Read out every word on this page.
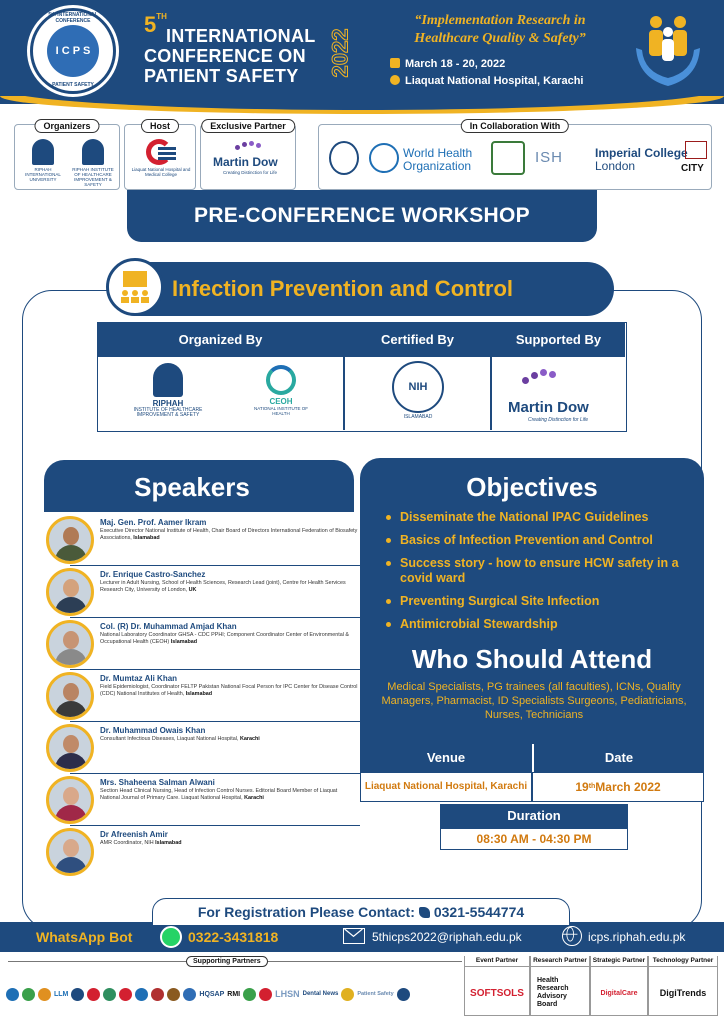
5th INTERNATIONAL CONFERENCE
I C P S
PATIENT SAFETY
5TH
INTERNATIONAL
CONFERENCE ON
PATIENT SAFETY 2022
“Implementation Research in Healthcare Quality & Safety”
March 18 - 20, 2022
Liaquat National Hospital, Karachi
Organizers
RIPHAH INTERNATIONAL UNIVERSITY
RIPHAH INSTITUTE OF HEALTHCARE IMPROVEMENT & SAFETY
Host
Liaquat National Hospital and Medical College
Exclusive Partner
Martin Dow
Creating Distinction for Life
In Collaboration With
World Health
Organization	ISH	Imperial College
London	CITY
PRE-CONFERENCE WORKSHOP
Infection Prevention and Control
Organized By	Certified By	Supported By
RIPHAH
INSTITUTE OF HEALTHCARE IMPROVEMENT & SAFETY
CEOH
NATIONAL INSTITUTE OF HEALTH
NIH
ISLAMABAD
Martin Dow
Creating Distinction for Life
Speakers
Maj. Gen. Prof. Aamer Ikram
Executive Director National Institute of Health, Chair Board of Directors International Federation of Biosafety Associations, Islamabad
Dr. Enrique Castro-Sanchez
Lecturer in Adult Nursing, School of Health Sciences, Research Lead (joint), Centre for Health Services Research City, University of London, UK
Col. (R) Dr. Muhammad Amjad Khan
National Laboratory Coordinator GHSA - CDC PPHI; Component Coordinator Center of Environmental & Occupational Health (CEOH) Islamabad
Dr. Mumtaz Ali Khan
Field Epidemiologist, Coordinator FELTP Pakistan National Focal Person for IPC Center for Disease Control (CDC) National Institutes of Health, Islamabad
Dr. Muhammad Owais Khan
Consultant Infectious Diseases, Liaquat National Hospital, Karachi
Mrs. Shaheena Salman Alwani
Section Head Clinical Nursing, Head of Infection Control Nurses. Editorial Board Member of Liaquat National Journal of Primary Care. Liaquat National Hospital, Karachi
Dr Afreenish Amir
AMR Coordinator, NIH Islamabad
Objectives
Disseminate the National IPAC Guidelines
Basics of Infection Prevention and Control
Success story - how to ensure HCW safety in a covid ward
Preventing Surgical Site Infection
Antimicrobial Stewardship
Who Should Attend
Medical Specialists, PG trainees (all faculties), ICNs, Quality Managers, Pharmacist, ID Specialists Surgeons, Pediatricians, Nurses, Technicians
Venue	Date
Liaquat National Hospital, Karachi	19 th March 2022
Duration
08:30 AM - 04:30 PM
For Registration Please Contact: 0321-5544774
WhatsApp Bot	0322-3431818	5thicps2022@riphah.edu.pk	icps.riphah.edu.pk
Supporting Partners
LLM	HQSAP RMI	LHSN Dental News	Patient Safety
Event Partner
SOFTSOLS
Research Partner
Health Research Advisory Board
Strategic Partner
DigitalCare
Technology Partner
DigiTrends
